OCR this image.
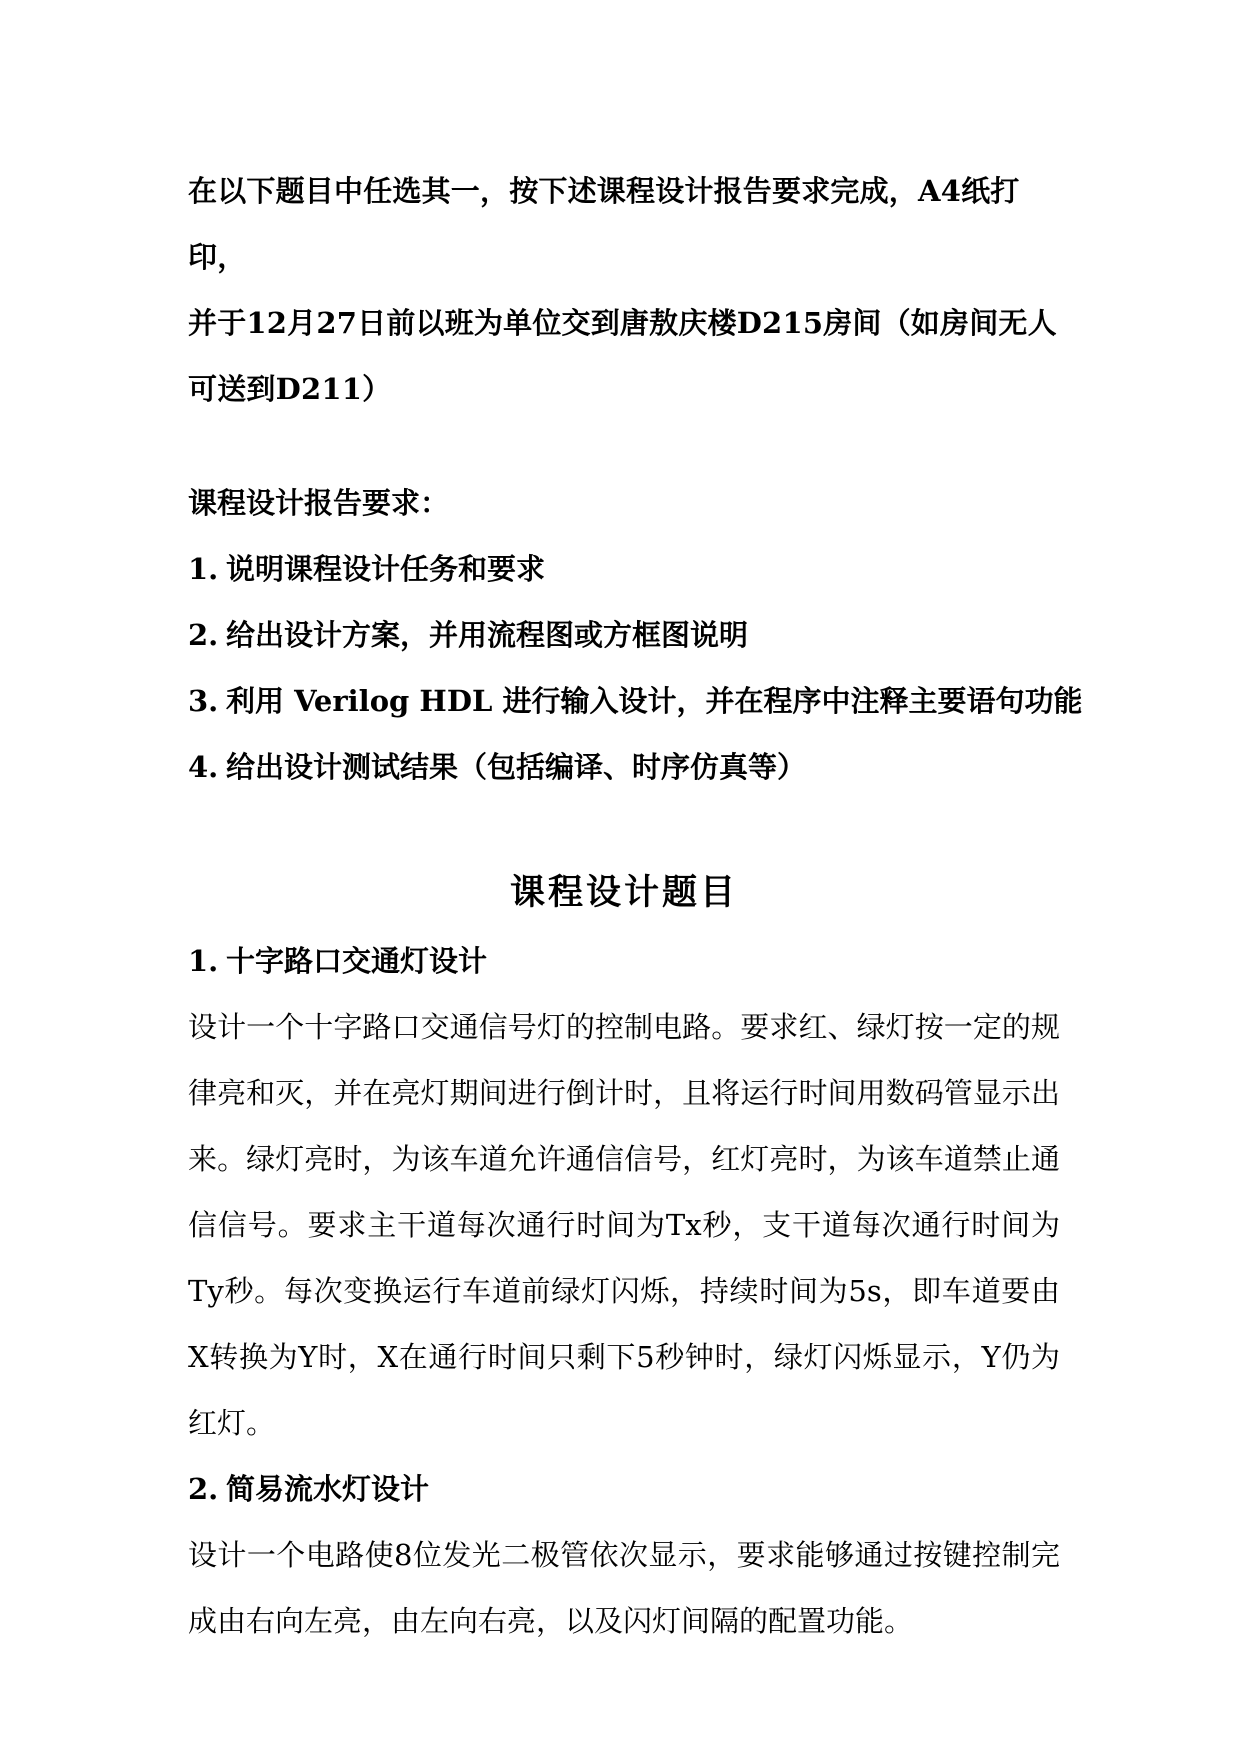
在以下题目中任选其一，按下述课程设计报告要求完成，A4纸打印，

并于12月27日前以班为单位交到唐敖庆楼D215房间（如房间无人

可送到D211）

课程设计报告要求：
1. 说明课程设计任务和要求
2. 给出设计方案，并用流程图或方框图说明
3. 利用 Verilog HDL 进行输入设计，并在程序中注释主要语句功能
4. 给出设计测试结果（包括编译、时序仿真等）
课程设计题目
1. 十字路口交通灯设计

设计一个十字路口交通信号灯的控制电路。要求红、绿灯按一定的规律亮和灭，并在亮灯期间进行倒计时，且将运行时间用数码管显示出来。绿灯亮时，为该车道允许通信信号，红灯亮时，为该车道禁止通信信号。要求主干道每次通行时间为Tx秒，支干道每次通行时间为Ty秒。每次变换运行车道前绿灯闪烁，持续时间为5s，即车道要由X转换为Y时，X在通行时间只剩下5秒钟时，绿灯闪烁显示，Y仍为红灯。

2. 简易流水灯设计

设计一个电路使8位发光二极管依次显示，要求能够通过按键控制完成由右向左亮，由左向右亮，以及闪灯间隔的配置功能。
